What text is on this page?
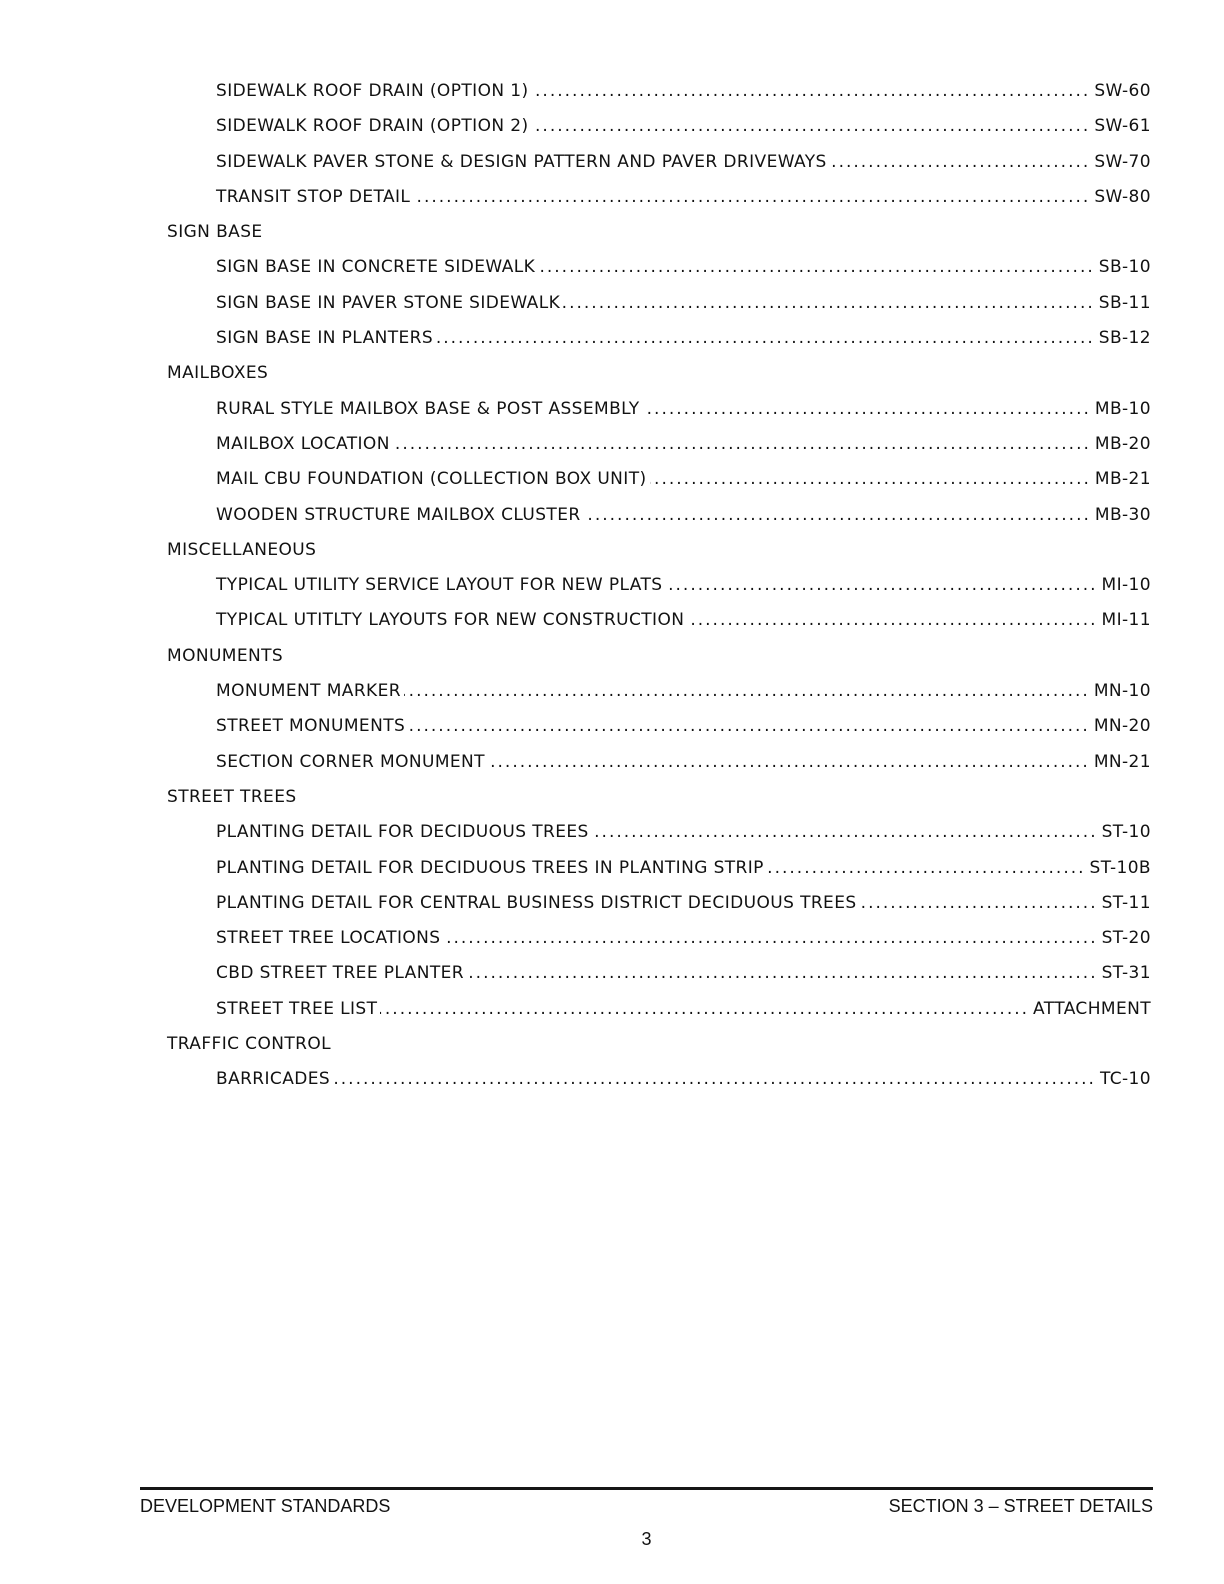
SIDEWALK ROOF DRAIN (OPTION 1) .....	SW-60
SIDEWALK ROOF DRAIN (OPTION 2) .....	SW-61
SIDEWALK PAVER STONE & DESIGN PATTERN AND PAVER DRIVEWAYS .....	SW-70
TRANSIT STOP DETAIL .....	SW-80
SIGN BASE
SIGN BASE IN CONCRETE SIDEWALK .....	SB-10
SIGN BASE IN PAVER STONE SIDEWALK .....	SB-11
SIGN BASE IN PLANTERS .....	SB-12
MAILBOXES
RURAL STYLE MAILBOX BASE & POST ASSEMBLY .....	MB-10
MAILBOX LOCATION .....	MB-20
MAIL CBU FOUNDATION (COLLECTION BOX UNIT) .....	MB-21
WOODEN STRUCTURE MAILBOX CLUSTER .....	MB-30
MISCELLANEOUS
TYPICAL UTILITY SERVICE LAYOUT FOR NEW PLATS .....	MI-10
TYPICAL UTITLTY LAYOUTS FOR NEW CONSTRUCTION .....	MI-11
MONUMENTS
MONUMENT MARKER .....	MN-10
STREET MONUMENTS .....	MN-20
SECTION CORNER MONUMENT .....	MN-21
STREET TREES
PLANTING DETAIL FOR DECIDUOUS TREES .....	ST-10
PLANTING DETAIL FOR DECIDUOUS TREES IN PLANTING STRIP .....	ST-10B
PLANTING DETAIL FOR CENTRAL BUSINESS DISTRICT DECIDUOUS TREES .....	ST-11
STREET TREE LOCATIONS .....	ST-20
CBD STREET TREE PLANTER .....	ST-31
STREET TREE LIST .....	ATTACHMENT
TRAFFIC CONTROL
BARRICADES .....	TC-10
DEVELOPMENT STANDARDS	SECTION 3 – STREET DETAILS
3
